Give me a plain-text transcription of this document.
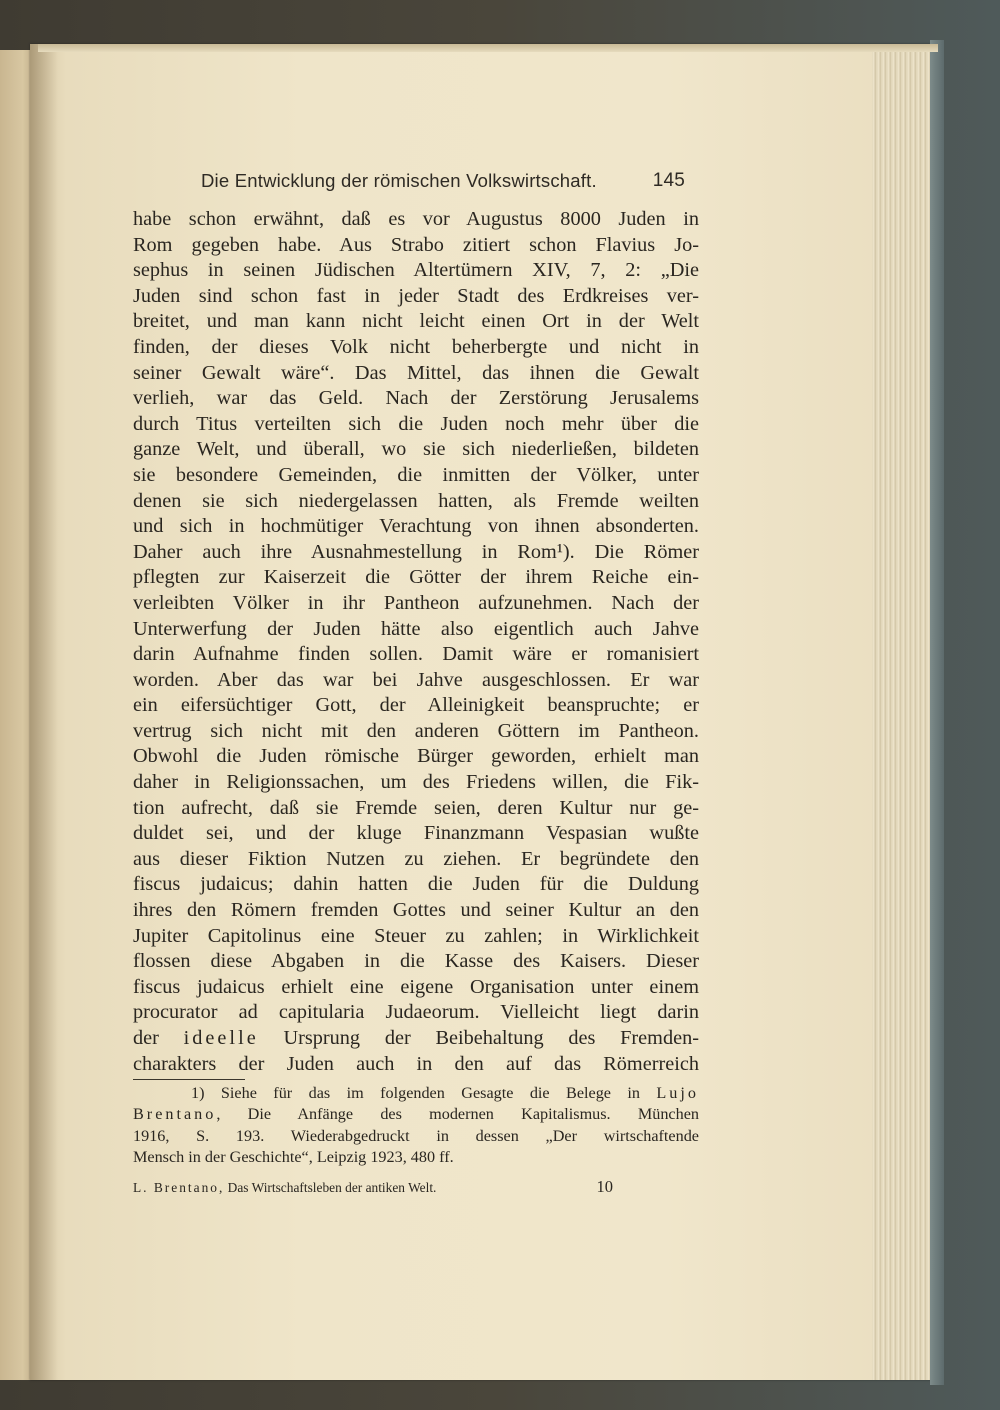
Die Entwicklung der römischen Volkswirtschaft.	145
habe schon erwähnt, daß es vor Augustus 8000 Juden in
Rom gegeben habe. Aus Strabo zitiert schon Flavius Jo-
sephus in seinen Jüdischen Altertümern XIV, 7, 2: „Die
Juden sind schon fast in jeder Stadt des Erdkreises ver-
breitet, und man kann nicht leicht einen Ort in der Welt
finden, der dieses Volk nicht beherbergte und nicht in
seiner Gewalt wäre“. Das Mittel, das ihnen die Gewalt
verlieh, war das Geld. Nach der Zerstörung Jerusalems
durch Titus verteilten sich die Juden noch mehr über die
ganze Welt, und überall, wo sie sich niederließen, bildeten
sie besondere Gemeinden, die inmitten der Völker, unter
denen sie sich niedergelassen hatten, als Fremde weilten
und sich in hochmütiger Verachtung von ihnen absonderten.
Daher auch ihre Ausnahmestellung in Rom¹). Die Römer
pflegten zur Kaiserzeit die Götter der ihrem Reiche ein-
verleibten Völker in ihr Pantheon aufzunehmen. Nach der
Unterwerfung der Juden hätte also eigentlich auch Jahve
darin Aufnahme finden sollen. Damit wäre er romanisiert
worden. Aber das war bei Jahve ausgeschlossen. Er war
ein eifersüchtiger Gott, der Alleinigkeit beanspruchte; er
vertrug sich nicht mit den anderen Göttern im Pantheon.
Obwohl die Juden römische Bürger geworden, erhielt man
daher in Religionssachen, um des Friedens willen, die Fik-
tion aufrecht, daß sie Fremde seien, deren Kultur nur ge-
duldet sei, und der kluge Finanzmann Vespasian wußte
aus dieser Fiktion Nutzen zu ziehen. Er begründete den
fiscus judaicus; dahin hatten die Juden für die Duldung
ihres den Römern fremden Gottes und seiner Kultur an den
Jupiter Capitolinus eine Steuer zu zahlen; in Wirklichkeit
flossen diese Abgaben in die Kasse des Kaisers. Dieser
fiscus judaicus erhielt eine eigene Organisation unter einem
procurator ad capitularia Judaeorum. Vielleicht liegt darin
der ideelle Ursprung der Beibehaltung des Fremden-
charakters der Juden auch in den auf das Römerreich
1) Siehe für das im folgenden Gesagte die Belege in Lujo
Brentano, Die Anfänge des modernen Kapitalismus. München
1916, S. 193. Wiederabgedruckt in dessen „Der wirtschaftende
Mensch in der Geschichte“, Leipzig 1923, 480 ff.
L. Brentano, Das Wirtschaftsleben der antiken Welt.	10
